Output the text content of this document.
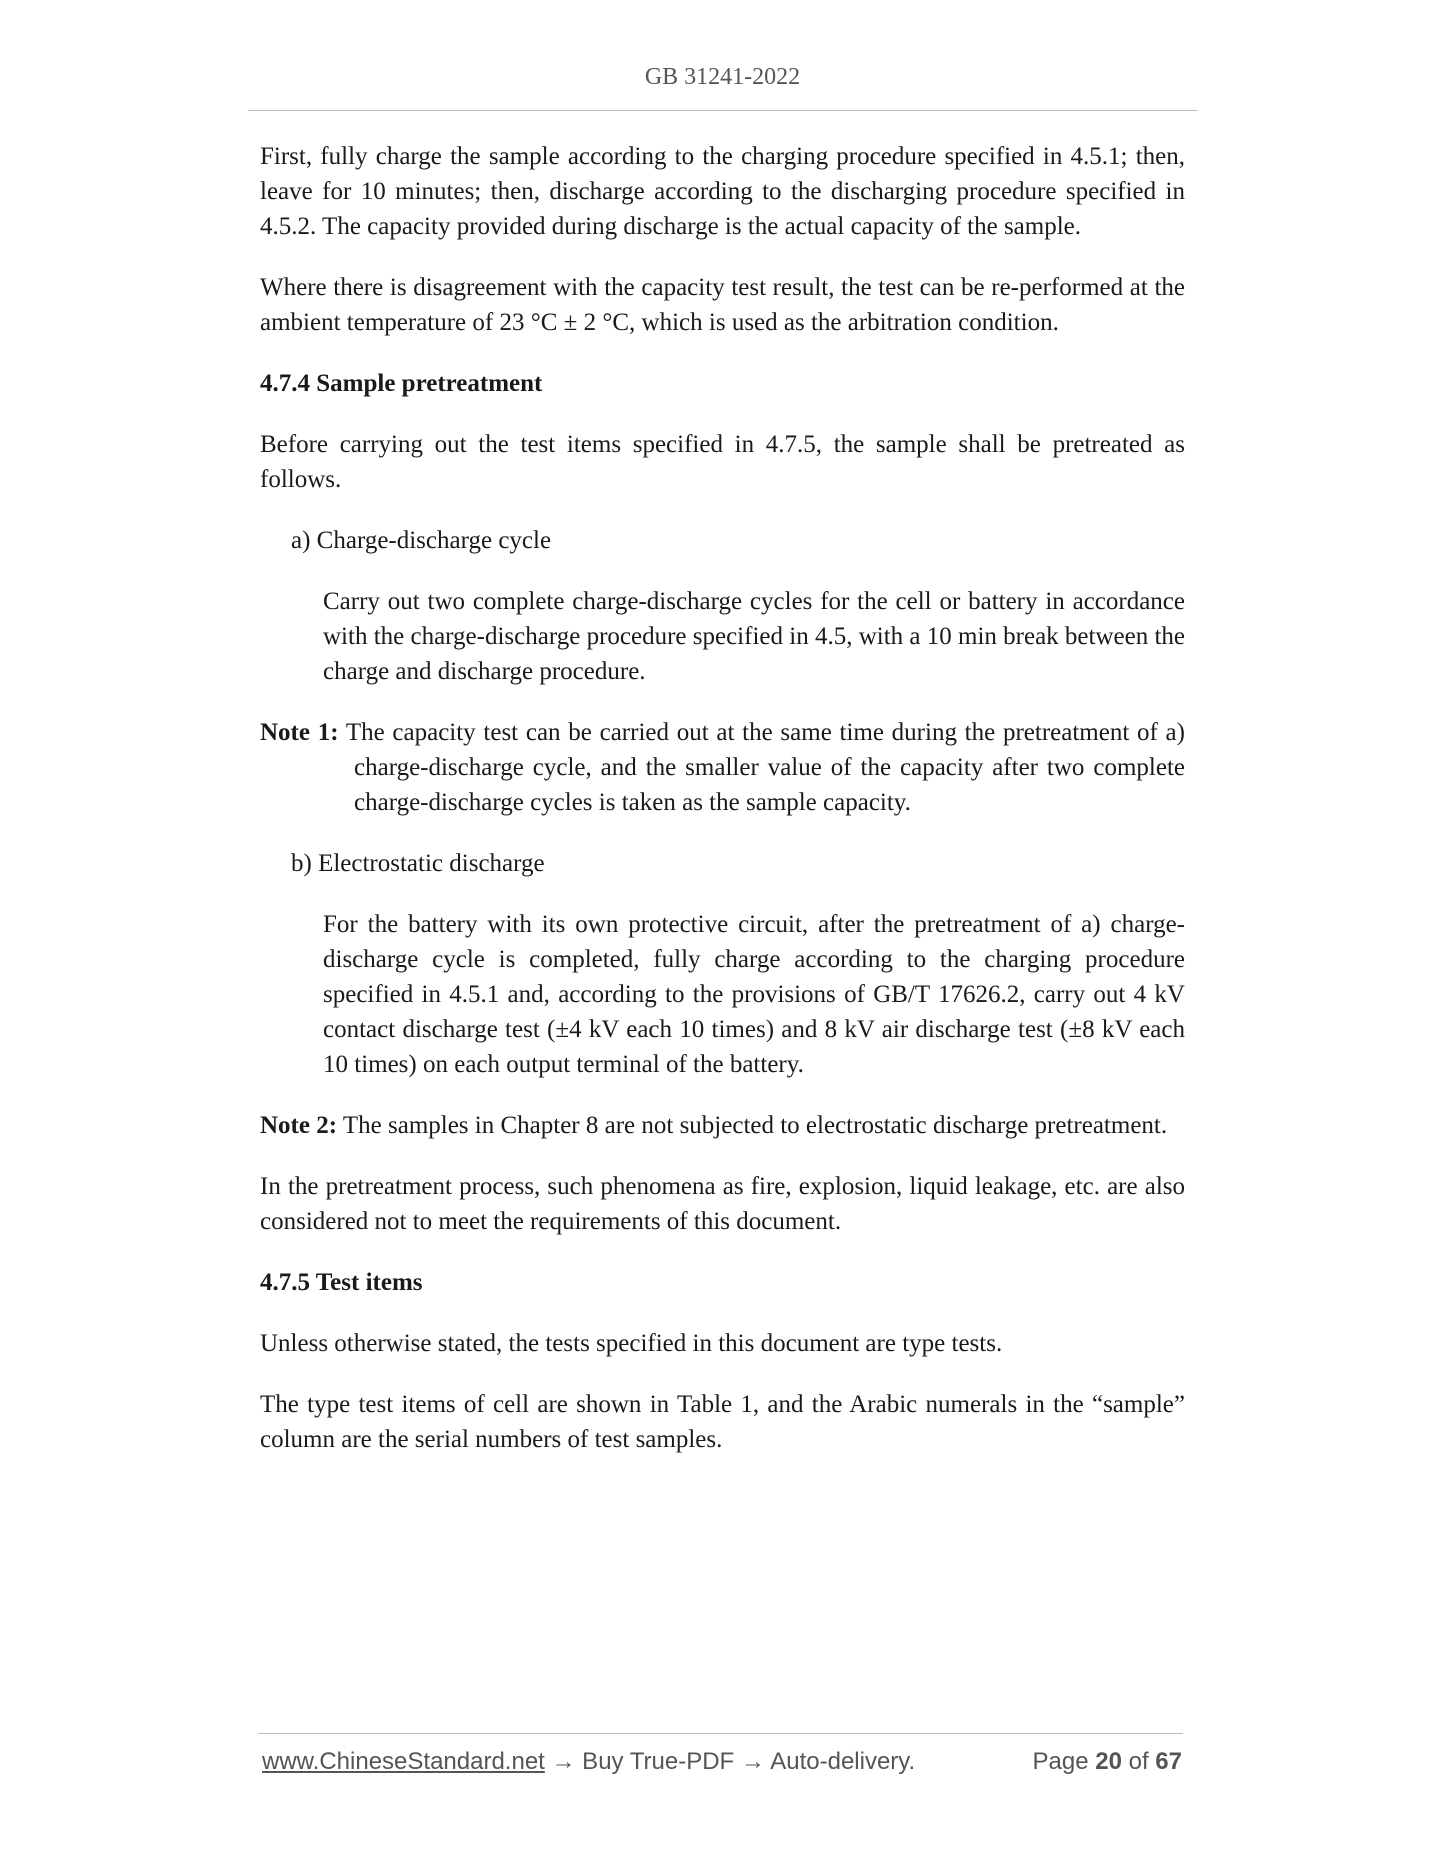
GB 31241-2022

First, fully charge the sample according to the charging procedure specified in 4.5.1; then, leave for 10 minutes; then, discharge according to the discharging procedure specified in 4.5.2. The capacity provided during discharge is the actual capacity of the sample.

Where there is disagreement with the capacity test result, the test can be re-performed at the ambient temperature of 23 °C ± 2 °C, which is used as the arbitration condition.

4.7.4 Sample pretreatment

Before carrying out the test items specified in 4.7.5, the sample shall be pretreated as follows.

a) Charge-discharge cycle

Carry out two complete charge-discharge cycles for the cell or battery in accordance with the charge-discharge procedure specified in 4.5, with a 10 min break between the charge and discharge procedure.

Note 1: The capacity test can be carried out at the same time during the pretreatment of a) charge-discharge cycle, and the smaller value of the capacity after two complete charge-discharge cycles is taken as the sample capacity.

b) Electrostatic discharge

For the battery with its own protective circuit, after the pretreatment of a) charge-discharge cycle is completed, fully charge according to the charging procedure specified in 4.5.1 and, according to the provisions of GB/T 17626.2, carry out 4 kV contact discharge test (±4 kV each 10 times) and 8 kV air discharge test (±8 kV each 10 times) on each output terminal of the battery.

Note 2: The samples in Chapter 8 are not subjected to electrostatic discharge pretreatment.

In the pretreatment process, such phenomena as fire, explosion, liquid leakage, etc. are also considered not to meet the requirements of this document.

4.7.5 Test items

Unless otherwise stated, the tests specified in this document are type tests.

The type test items of cell are shown in Table 1, and the Arabic numerals in the “sample” column are the serial numbers of test samples.

www.ChineseStandard.net → Buy True-PDF → Auto-delivery.	Page 20 of 67
